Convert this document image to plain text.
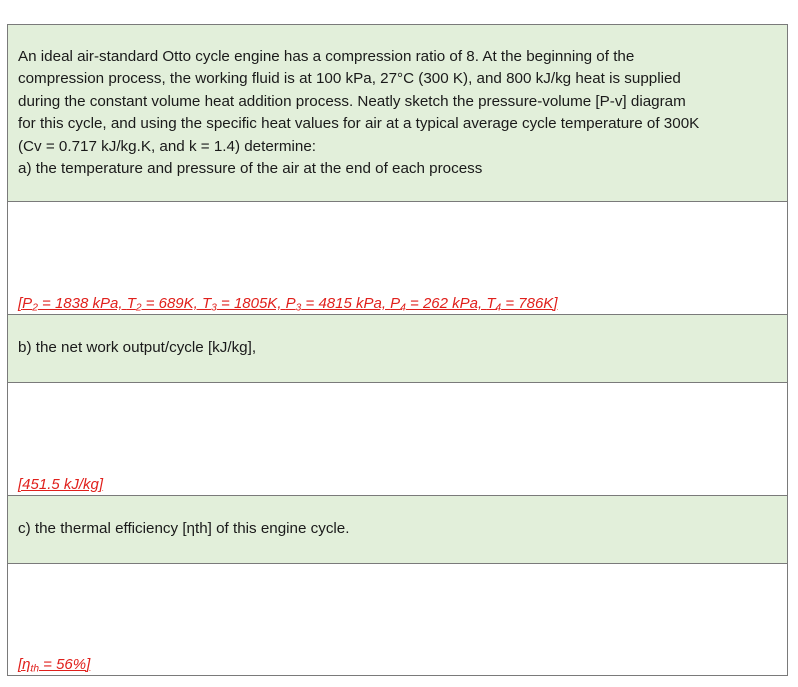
An ideal air-standard Otto cycle engine has a compression ratio of 8. At the beginning of the
compression process, the working fluid is at 100 kPa, 27°C (300 K), and 800 kJ/kg heat is supplied
during the constant volume heat addition process. Neatly sketch the pressure-volume [P-v] diagram
for this cycle, and using the specific heat values for air at a typical average cycle temperature of 300K
(Cv = 0.717 kJ/kg.K, and k = 1.4) determine:
a) the temperature and pressure of the air at the end of each process
[$P_2 = 1838$ kPa, $T_2 = 689K$, $T_3 = 1805K$, $P_3 = 4815$ kPa, $P_4 = 262$ kPa, $T_4 = 786K$]
b) the net work output/cycle [kJ/kg],
[451.5 kJ/kg]
c) the thermal efficiency [ηth] of this engine cycle.
$[\eta_{th} = 56\%]$
